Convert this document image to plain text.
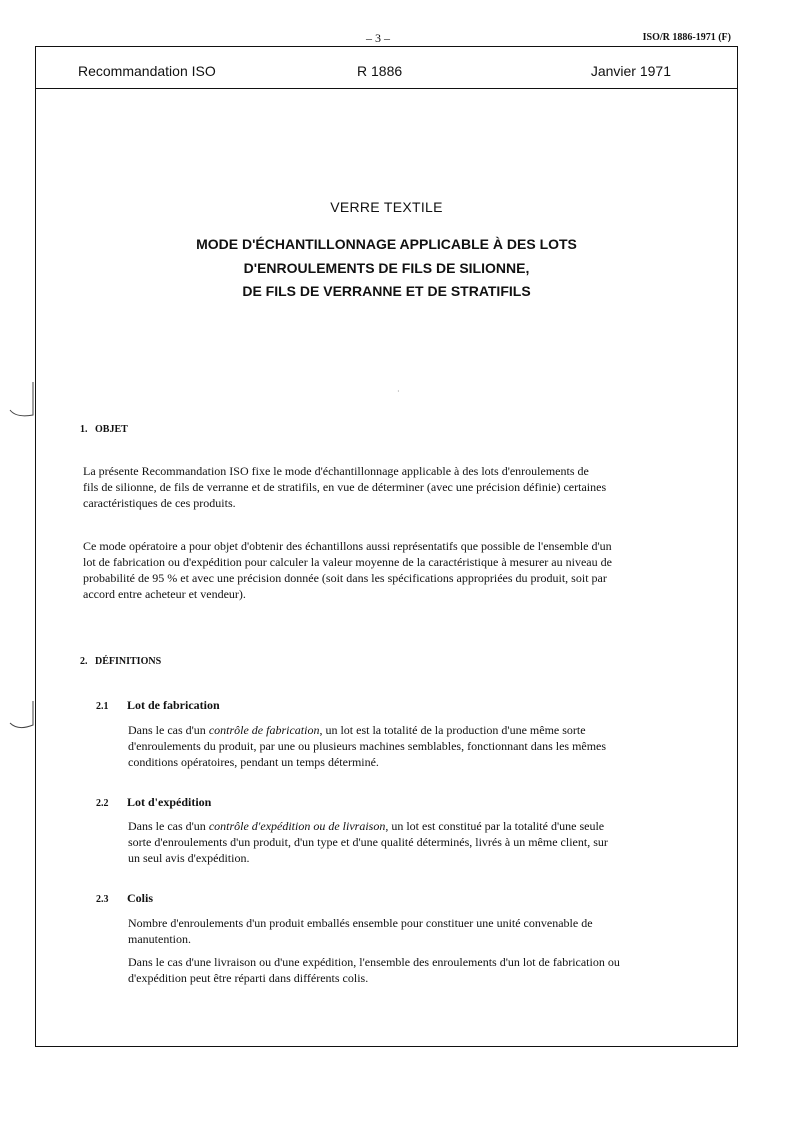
– 3 –	ISO/R 1886-1971 (F)
Recommandation ISO	R 1886	Janvier 1971
VERRE TEXTILE
MODE D'ÉCHANTILLONNAGE APPLICABLE À DES LOTS
D'ENROULEMENTS DE FILS DE SILIONNE,
DE FILS DE VERRANNE ET DE STRATIFILS
·
1. OBJET
La présente Recommandation ISO fixe le mode d'échantillonnage applicable à des lots d'enroulements de
fils de silionne, de fils de verranne et de stratifils, en vue de déterminer (avec une précision définie) certaines
caractéristiques de ces produits.
Ce mode opératoire a pour objet d'obtenir des échantillons aussi représentatifs que possible de l'ensemble d'un
lot de fabrication ou d'expédition pour calculer la valeur moyenne de la caractéristique à mesurer au niveau de
probabilité de 95 % et avec une précision donnée (soit dans les spécifications appropriées du produit, soit par
accord entre acheteur et vendeur).
2. DÉFINITIONS
2.1 Lot de fabrication
Dans le cas d'un contrôle de fabrication, un lot est la totalité de la production d'une même sorte
d'enroulements du produit, par une ou plusieurs machines semblables, fonctionnant dans les mêmes
conditions opératoires, pendant un temps déterminé.
2.2 Lot d'expédition
Dans le cas d'un contrôle d'expédition ou de livraison, un lot est constitué par la totalité d'une seule
sorte d'enroulements d'un produit, d'un type et d'une qualité déterminés, livrés à un même client, sur
un seul avis d'expédition.
2.3 Colis
Nombre d'enroulements d'un produit emballés ensemble pour constituer une unité convenable de
manutention.
Dans le cas d'une livraison ou d'une expédition, l'ensemble des enroulements d'un lot de fabrication ou
d'expédition peut être réparti dans différents colis.
